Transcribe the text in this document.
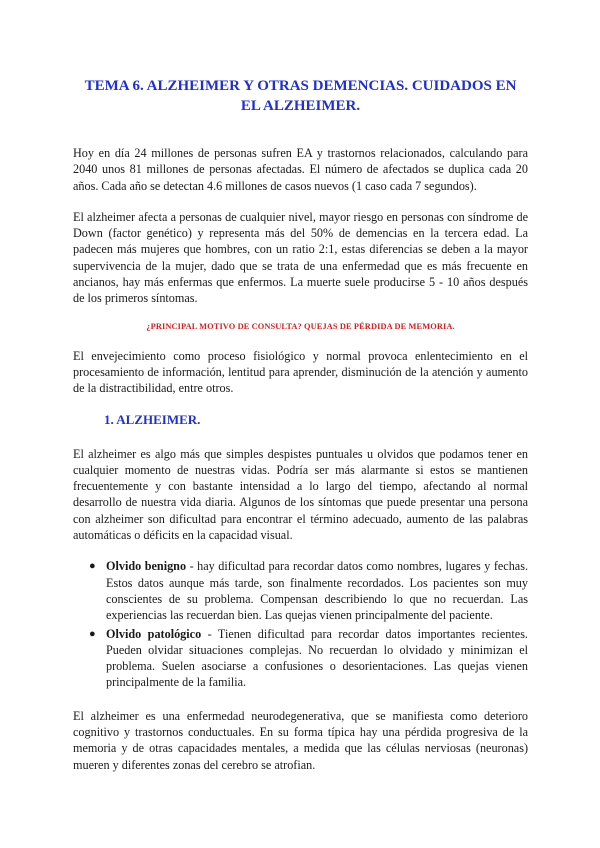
TEMA 6. ALZHEIMER Y OTRAS DEMENCIAS. CUIDADOS EN EL ALZHEIMER.

Hoy en día 24 millones de personas sufren EA y trastornos relacionados, calculando para 2040 unos 81 millones de personas afectadas. El número de afectados se duplica cada 20 años. Cada año se detectan 4.6 millones de casos nuevos (1 caso cada 7 segundos).

El alzheimer afecta a personas de cualquier nivel, mayor riesgo en personas con síndrome de Down (factor genético) y representa más del 50% de demencias en la tercera edad. La padecen más mujeres que hombres, con un ratio 2:1, estas diferencias se deben a la mayor supervivencia de la mujer, dado que se trata de una enfermedad que es más frecuente en ancianos, hay más enfermas que enfermos. La muerte suele producirse 5 - 10 años después de los primeros síntomas.

¿PRINCIPAL MOTIVO DE CONSULTA? QUEJAS DE PÉRDIDA DE MEMORIA.

El envejecimiento como proceso fisiológico y normal provoca enlentecimiento en el procesamiento de información, lentitud para aprender, disminución de la atención y aumento de la distractibilidad, entre otros.

1. ALZHEIMER.

El alzheimer es algo más que simples despistes puntuales u olvidos que podamos tener en cualquier momento de nuestras vidas. Podría ser más alarmante si estos se mantienen frecuentemente y con bastante intensidad a lo largo del tiempo, afectando al normal desarrollo de nuestra vida diaria. Algunos de los síntomas que puede presentar una persona con alzheimer son dificultad para encontrar el término adecuado, aumento de las palabras automáticas o déficits en la capacidad visual.

● Olvido benigno - hay dificultad para recordar datos como nombres, lugares y fechas. Estos datos aunque más tarde, son finalmente recordados. Los pacientes son muy conscientes de su problema. Compensan describiendo lo que no recuerdan. Las experiencias las recuerdan bien. Las quejas vienen principalmente del paciente.
● Olvido patológico - Tienen dificultad para recordar datos importantes recientes. Pueden olvidar situaciones complejas. No recuerdan lo olvidado y minimizan el problema. Suelen asociarse a confusiones o desorientaciones. Las quejas vienen principalmente de la familia.

El alzheimer es una enfermedad neurodegenerativa, que se manifiesta como deterioro cognitivo y trastornos conductuales. En su forma típica hay una pérdida progresiva de la memoria y de otras capacidades mentales, a medida que las células nerviosas (neuronas) mueren y diferentes zonas del cerebro se atrofian.
